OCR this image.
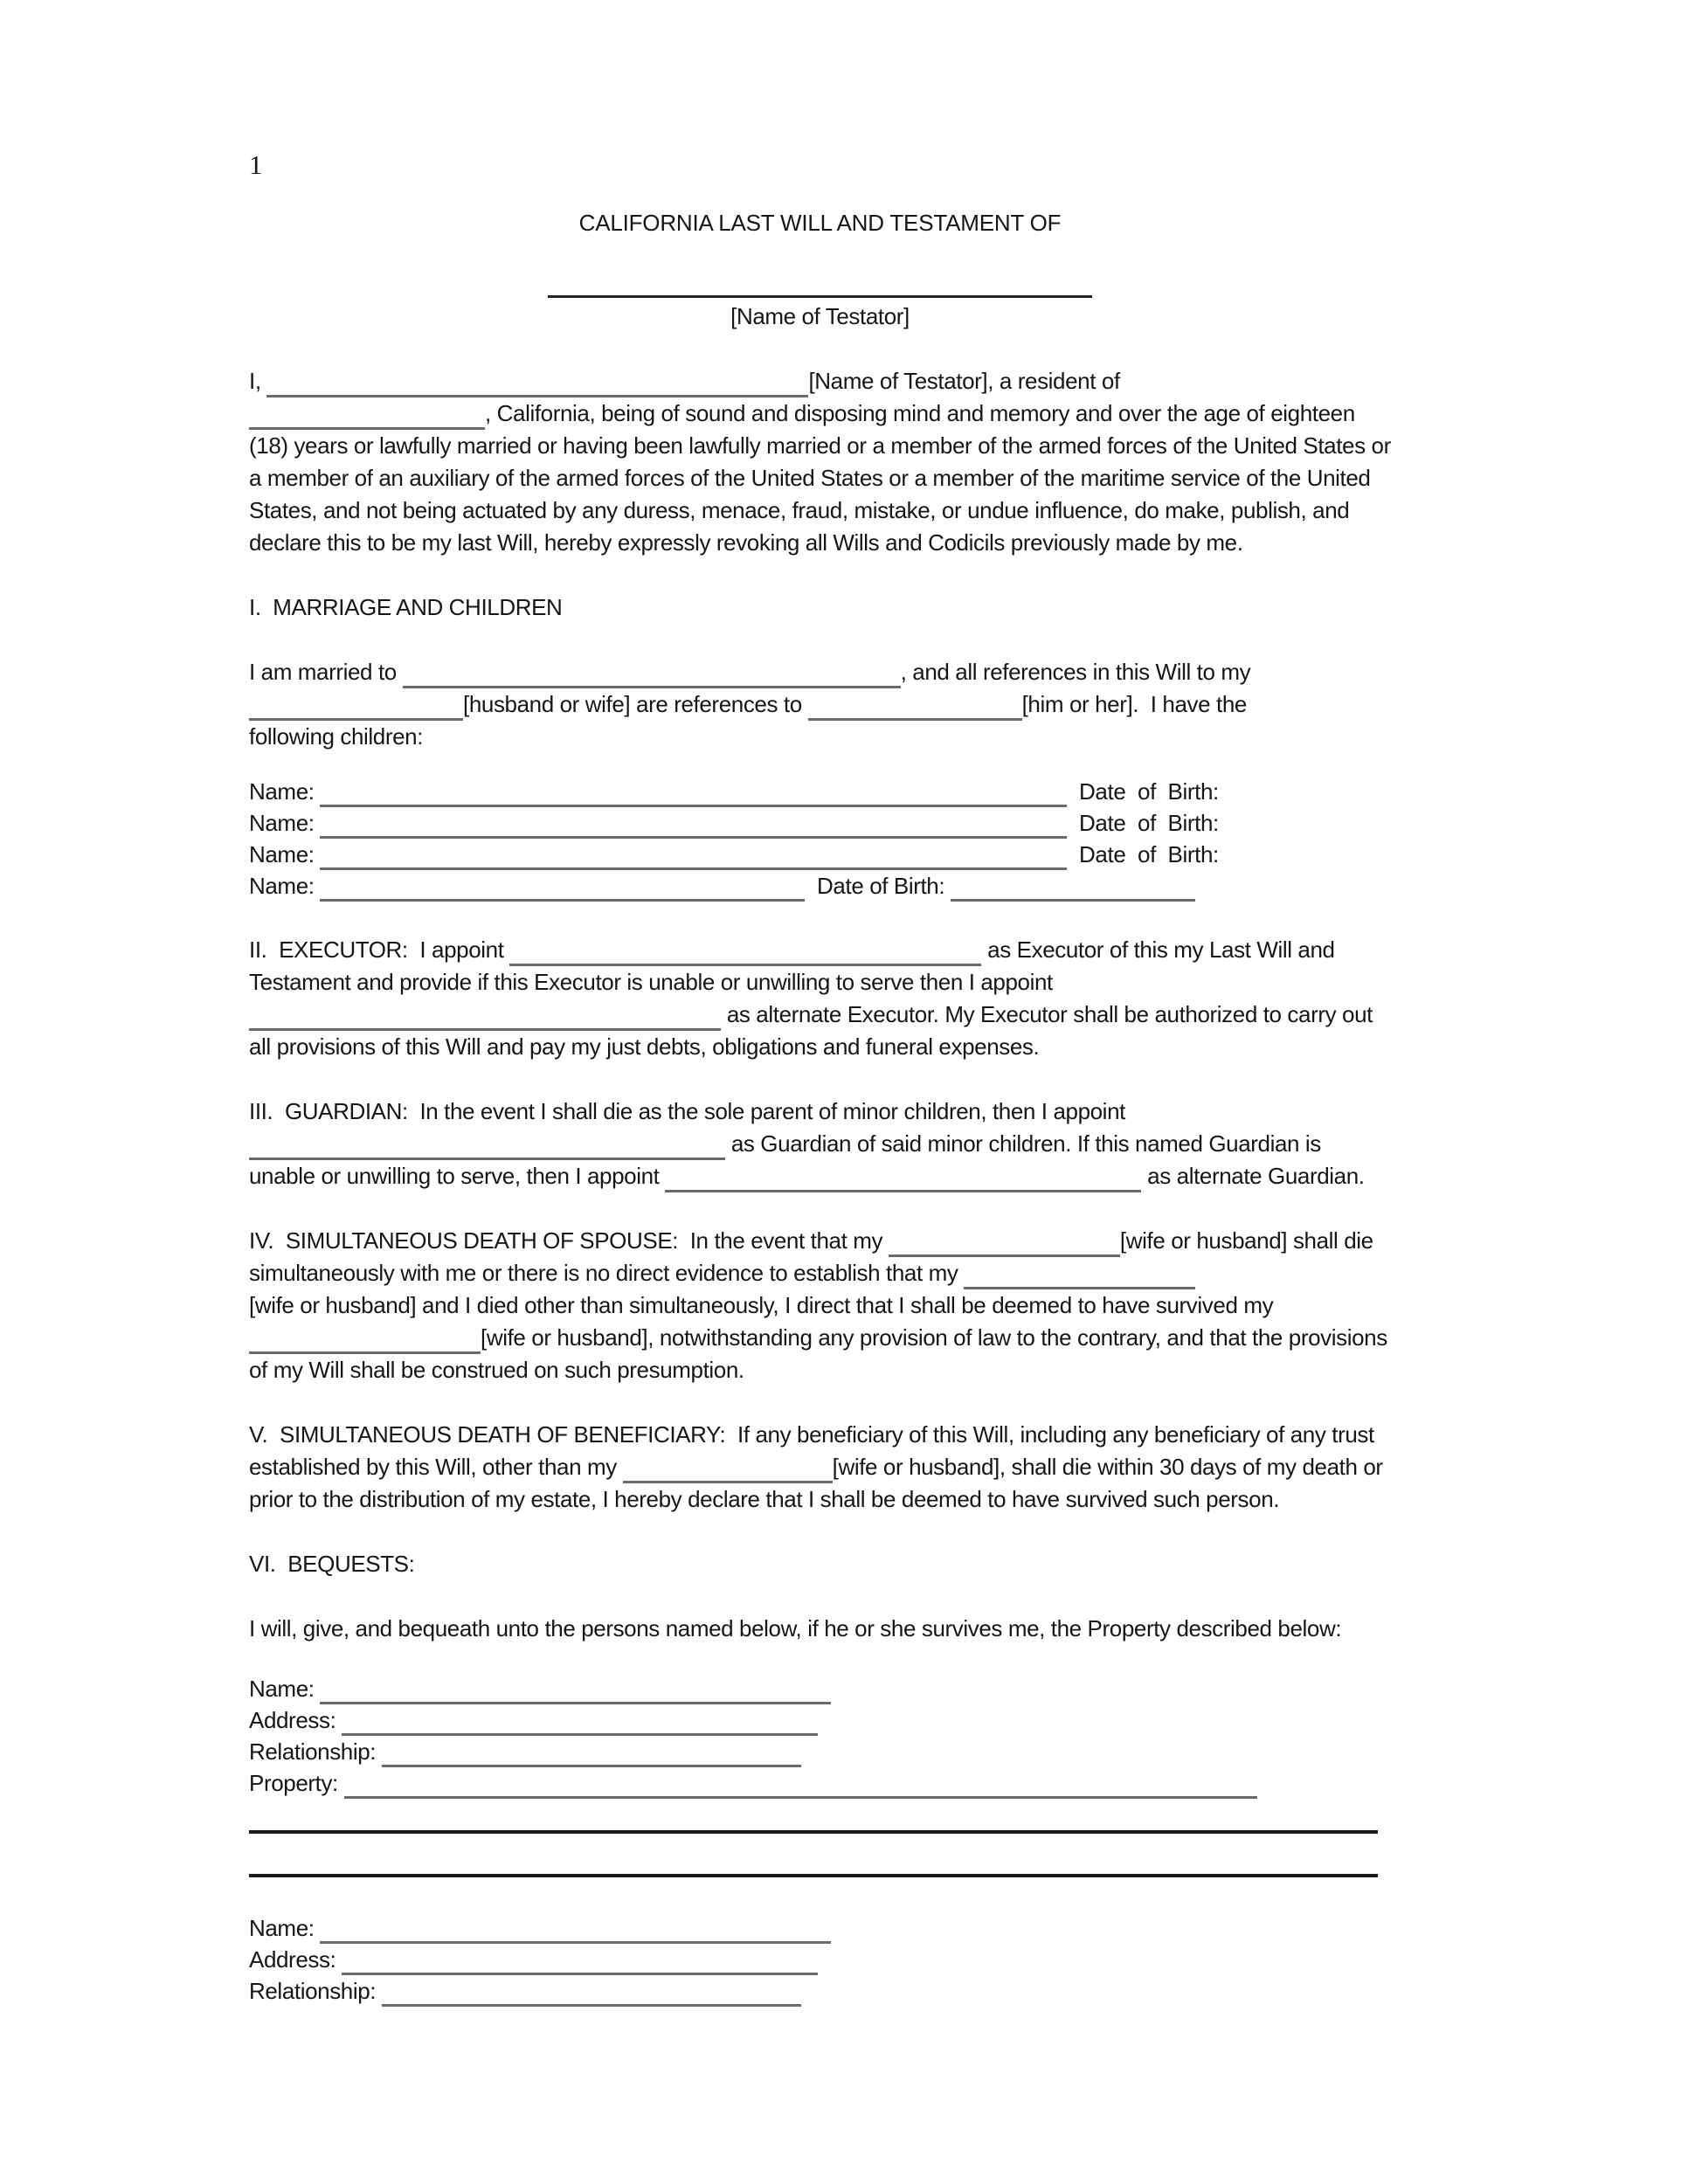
1
CALIFORNIA LAST WILL AND TESTAMENT OF
[Name of Testator]
I,	[Name of Testator], a resident of
, California, being of sound and disposing mind and memory and over the age of eighteen (18) years or lawfully married or having been lawfully married or a member of the armed forces of the United States or a member of an auxiliary of the armed forces of the United States or a member of the maritime service of the United States, and not being actuated by any duress, menace, fraud, mistake, or undue influence, do make, publish, and declare this to be my last Will, hereby expressly revoking all Wills and Codicils previously made by me.
I.  MARRIAGE AND CHILDREN
I am married to	, and all references in this Will to my
[husband or wife] are references to	[him or her].  I have the
following children:
Name:	Date  of  Birth:
Name:	Date  of  Birth:
Name:	Date  of  Birth:
Name:	Date of Birth:
II.  EXECUTOR:  I appoint	as Executor of this my Last Will and Testament and provide if this Executor is unable or unwilling to serve then I appoint
as alternate Executor. My Executor shall be authorized to carry out all provisions of this Will and pay my just debts, obligations and funeral expenses.
III.  GUARDIAN:  In the event I shall die as the sole parent of minor children, then I appoint
as Guardian of said minor children. If this named Guardian is unable or unwilling to serve, then I appoint	as alternate Guardian.
IV.  SIMULTANEOUS DEATH OF SPOUSE:  In the event that my	[wife or husband] shall die simultaneously with me or there is no direct evidence to establish that my
[wife or husband] and I died other than simultaneously, I direct that I shall be deemed to have survived my
[wife or husband], notwithstanding any provision of law to the contrary, and that the provisions of my Will shall be construed on such presumption.
V.  SIMULTANEOUS DEATH OF BENEFICIARY:  If any beneficiary of this Will, including any beneficiary of any trust established by this Will, other than my	[wife or husband], shall die within 30 days of my death or prior to the distribution of my estate, I hereby declare that I shall be deemed to have survived such person.
VI.  BEQUESTS:
I will, give, and bequeath unto the persons named below, if he or she survives me, the Property described below:
Name:
Address:
Relationship:
Property:
Name:
Address:
Relationship:
